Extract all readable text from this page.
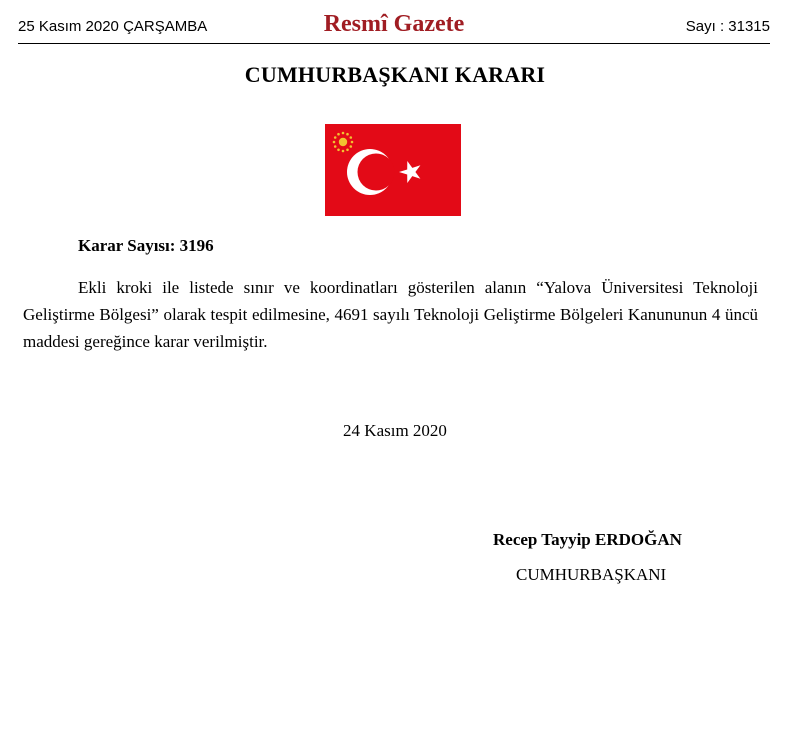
25 Kasım 2020 ÇARŞAMBA	Resmî Gazete	Sayı : 31315
CUMHURBAŞKANI KARARI
Karar Sayısı: 3196

Ekli kroki ile listede sınır ve koordinatları gösterilen alanın “Yalova Üniversitesi Teknoloji Geliştirme Bölgesi” olarak tespit edilmesine, 4691 sayılı Teknoloji Geliştirme Bölgeleri Kanununun 4 üncü maddesi gereğince karar verilmiştir.

24 Kasım 2020
Recep Tayyip ERDOĞAN
CUMHURBAŞKANI
